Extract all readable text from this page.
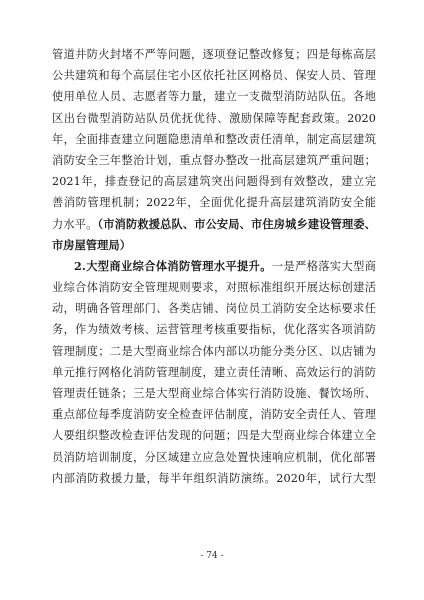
管道井防火封堵不严等问题，逐项登记整改修复；四是每栋高层
公共建筑和每个高层住宅小区依托社区网格员、保安人员、管理
使用单位人员、志愿者等力量，建立一支微型消防站队伍。各地
区出台微型消防站队员优抚优待、激励保障等配套政策。2020
年，全面排查建立问题隐患清单和整改责任清单，制定高层建筑
消防安全三年整治计划，重点督办整改一批高层建筑严重问题；
2021年，排查登记的高层建筑突出问题得到有效整改，建立完
善消防管理机制；2022年，全面优化提升高层建筑消防安全能
力水平。（市消防救援总队、市公安局、市住房城乡建设管理委、
市房屋管理局）
2.大型商业综合体消防管理水平提升。一是严格落实大型商
业综合体消防安全管理规则要求，对照标准组织开展达标创建活
动，明确各管理部门、各类店铺、岗位员工消防安全达标要求任
务，作为绩效考核、运营管理考核重要指标，优化落实各项消防
管理制度；二是大型商业综合体内部以功能分类分区、以店铺为
单元推行网格化消防管理制度，建立责任清晰、高效运行的消防
管理责任链条；三是大型商业综合体实行消防设施、餐饮场所、
重点部位每季度消防安全检查评估制度，消防安全责任人、管理
人要组织整改检查评估发现的问题；四是大型商业综合体建立全
员消防培训制度，分区域建立应急处置快速响应机制，优化部署
内部消防救援力量，每半年组织消防演练。2020年，试行大型
- 74 -
